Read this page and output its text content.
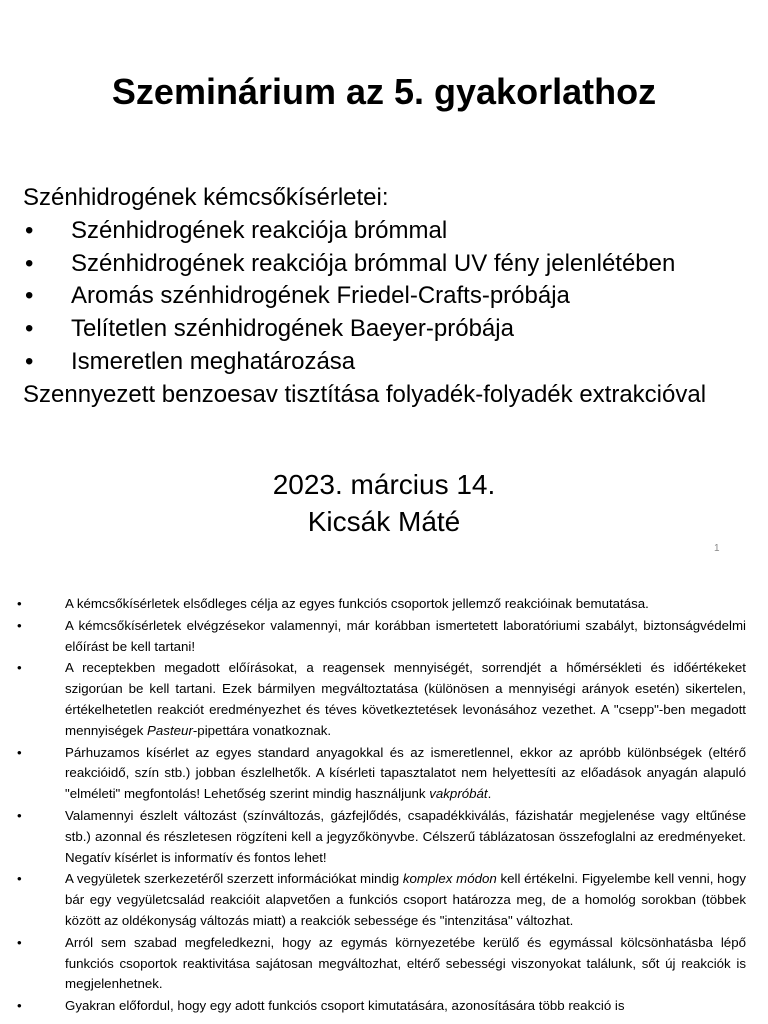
Szeminárium az 5. gyakorlathoz
Szénhidrogének kémcsőkísérletei:
• Szénhidrogének reakciója brómmal
• Szénhidrogének reakciója brómmal UV fény jelenlétében
• Aromás szénhidrogének Friedel-Crafts-próbája
• Telítetlen szénhidrogének Baeyer-próbája
• Ismeretlen meghatározása
Szennyezett benzoesav tisztítása folyadék-folyadék extrakcióval
2023. március 14.
Kicsák Máté
1
•	A kémcsőkísérletek elsődleges célja az egyes funkciós csoportok jellemző reakcióinak bemutatása.
•	A kémcsőkísérletek elvégzésekor valamennyi, már korábban ismertetett laboratóriumi szabályt, biztonságvédelmi előírást be kell tartani!
•	A receptekben megadott előírásokat, a reagensek mennyiségét, sorrendjét a hőmérsékleti és időértékeket szigorúan be kell tartani. Ezek bármilyen megváltoztatása (különösen a mennyiségi arányok esetén) sikertelen, értékelhetetlen reakciót eredményezhet és téves következtetések levonásához vezethet. A "csepp"-ben megadott mennyiségek Pasteur-pipettára vonatkoznak.
•	Párhuzamos kísérlet az egyes standard anyagokkal és az ismeretlennel, ekkor az apróbb különbségek (eltérő reakcióidő, szín stb.) jobban észlelhetők. A kísérleti tapasztalatot nem helyettesíti az előadások anyagán alapuló "elméleti" megfontolás! Lehetőség szerint mindig használjunk vakpróbát.
•	Valamennyi észlelt változást (színváltozás, gázfejlődés, csapadékkiválás, fázishatár megjelenése vagy eltűnése stb.) azonnal és részletesen rögzíteni kell a jegyzőkönyvbe. Célszerű táblázatosan összefoglalni az eredményeket. Negatív kísérlet is informatív és fontos lehet!
•	A vegyületek szerkezetéről szerzett információkat mindig komplex módon kell értékelni. Figyelembe kell venni, hogy bár egy vegyületcsalád reakcióit alapvetően a funkciós csoport határozza meg, de a homológ sorokban (többek között az oldékonyság változás miatt) a reakciók sebessége és "intenzitása" változhat.
•	Arról sem szabad megfeledkezni, hogy az egymás környezetébe kerülő és egymással kölcsönhatásba lépő funkciós csoportok reaktivitása sajátosan megváltozhat, eltérő sebességi viszonyokat találunk, sőt új reakciók is megjelenhetnek.
•	Gyakran előfordul, hogy egy adott funkciós csoport kimutatására, azonosítására több reakció is
